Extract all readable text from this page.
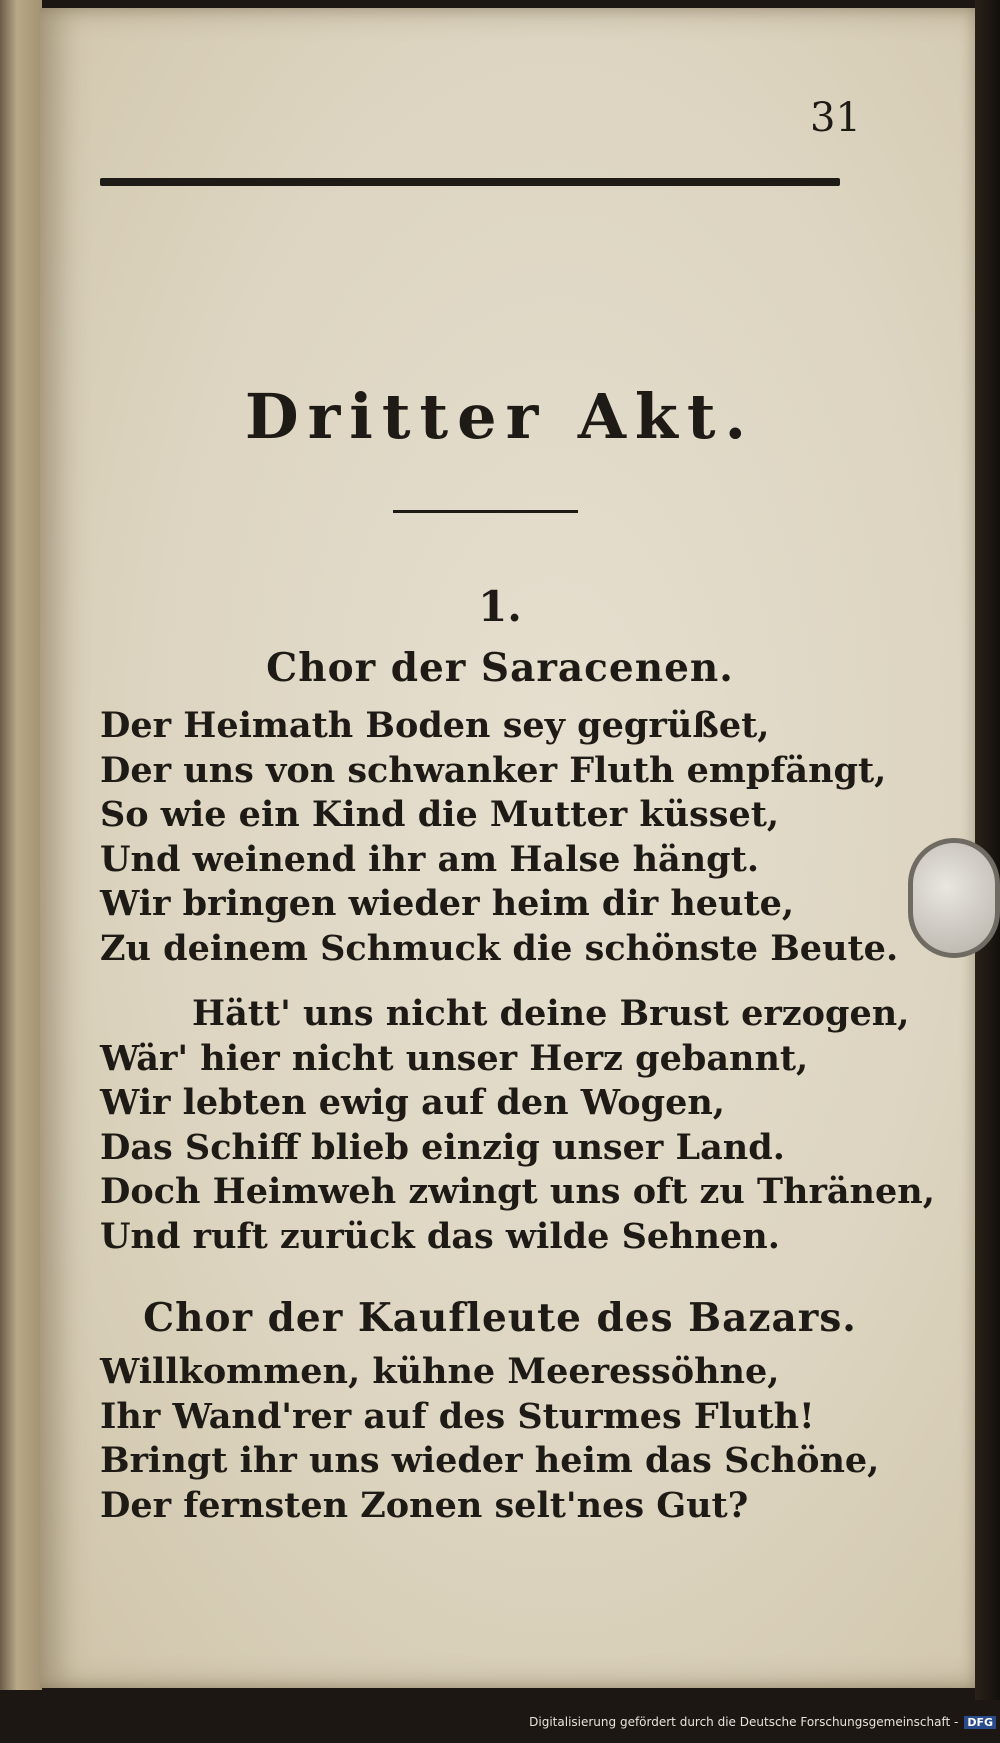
31
Dritter Akt.
1.
Chor der Saracenen.
Der Heimath Boden sey gegrüßet,
Der uns von schwanker Fluth empfängt,
So wie ein Kind die Mutter küsset,
Und weinend ihr am Halse hängt.
Wir bringen wieder heim dir heute,
Zu deinem Schmuck die schönste Beute.
Hätt' uns nicht deine Brust erzogen,
Wär' hier nicht unser Herz gebannt,
Wir lebten ewig auf den Wogen,
Das Schiff blieb einzig unser Land.
Doch Heimweh zwingt uns oft zu Thränen,
Und ruft zurück das wilde Sehnen.
Chor der Kaufleute des Bazars.
Willkommen, kühne Meeressöhne,
Ihr Wand'rer auf des Sturmes Fluth!
Bringt ihr uns wieder heim das Schöne,
Der fernsten Zonen selt'nes Gut?
Digitalisierung gefördert durch die Deutsche Forschungsgemeinschaft - DFG
